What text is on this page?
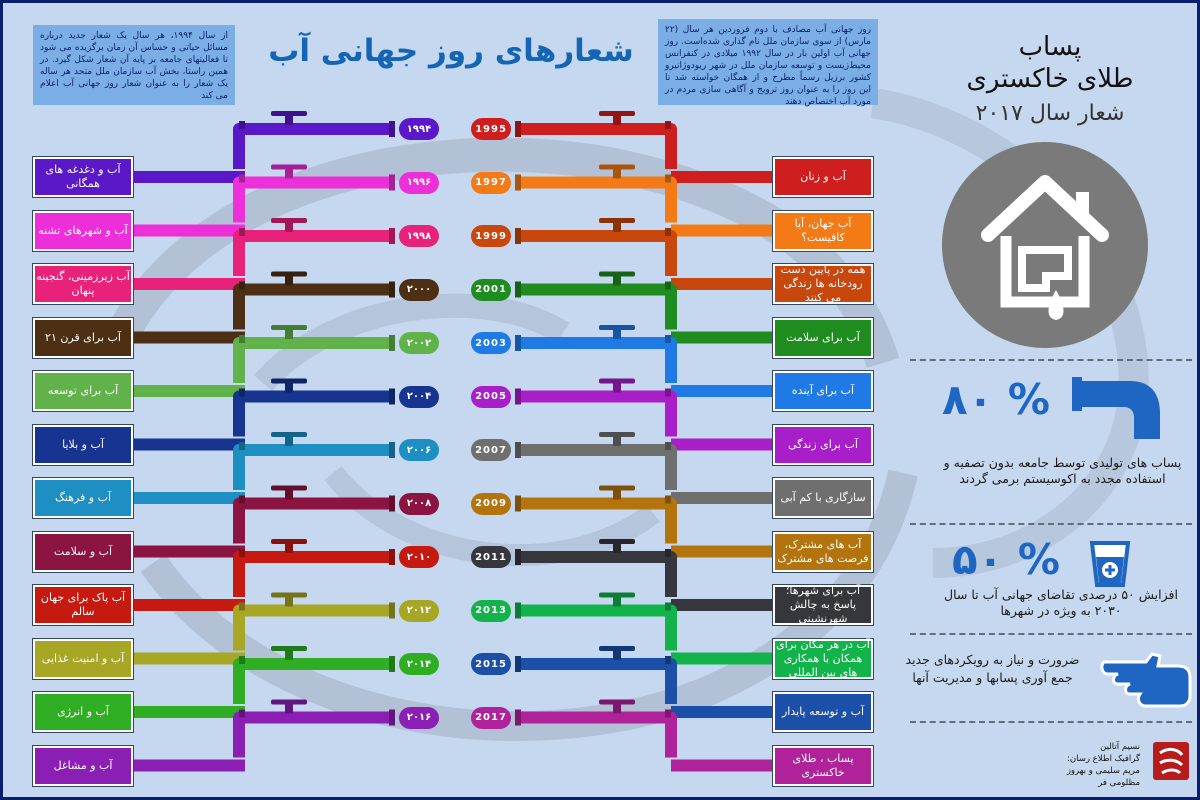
شعارهای روز جهانی آب
از سال ۱۹۹۴، هر سال یک شعار جدید درباره مسائل حیاتی و حساس آن زمان برگزیده می شود تا فعالیتهای جامعه بر پایه آن شعار شکل گیرد. در همین راستا، بخش آب سازمان ملل متحد هر ساله یک شعار را به عنوان شعار روز جهانی آب اعلام می کند
روز جهانی آب مصادف با دوم فروردین هر سال (۲۲ مارس) از سوی سازمان ملل نام گذاری شده‌است. روز جهانی آب اولین بار در سال ۱۹۹۲ میلادی در کنفرانس محیط‌زیست و توسعه سازمان ملل در شهر ریودوژانیرو کشور برزیل رسماً مطرح و از همگان خواسته شد تا این روز را به عنوان روز ترویج و آگاهی سازی مردم در مورد آب اختصاص دهند
آب و دغدغه های همگانی
۱۹۹۴
آب و شهرهای تشنه
۱۹۹۶
آب زیرزمینی، گنجینه پنهان
۱۹۹۸
آب برای قرن ۲۱
۲۰۰۰
آب برای توسعه
۲۰۰۲
آب و بلایا
۲۰۰۴
آب و فرهنگ
۲۰۰۶
آب و سلامت
۲۰۰۸
آب پاک برای جهان سالم
۲۰۱۰
آب و امنیت غذایی
۲۰۱۲
آب و انرژی
۲۰۱۴
آب و مشاغل
۲۰۱۶
آب و زنان
1995
آب جهان، آیا کافیست؟
1997
همه در پایین دست رودخانه ها زندگی می کنند
1999
آب برای سلامت
2001
آب برای آینده
2003
آب برای زندگی
2005
سازگاری با کم آبی
2007
آب های مشترک، فرصت های مشترک
2009
آب برای شهرها؛ پاسخ به چالش شهرنشینی
2011
آب در هر مکان برای همکان با همکاری های بین المللی
2013
آب و توسعه پایدار
2015
پساب ، طلای خاکستری
2017
پساب
طلای خاکستری
شعار سال ۲۰۱۷
۸۰ %
پساب های تولیدی توسط جامعه بدون تصفیه و استفاده مجدد به اکوسیستم برمی گردند
۵۰ %
افزایش ۵۰ درصدی تقاضای جهانی آب تا سال ۲۰۳۰ به ویژه در شهرها
ضرورت و نیاز به رویکردهای جدید جمع آوری پسابها و مدیریت آنها
نسیم آتالین
گرافیک اطلاع رسان:
مریم سلیمی و بهروز مظلومی فر
